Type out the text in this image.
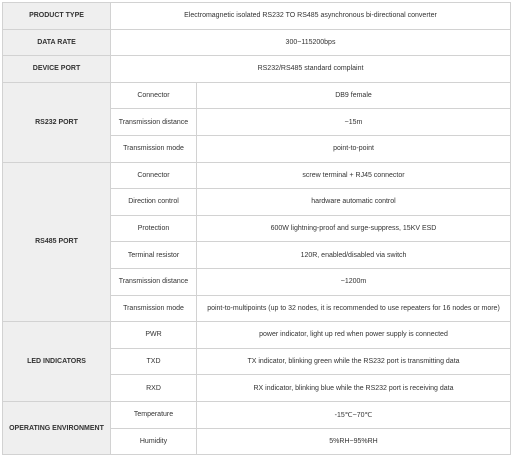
PRODUCT TYPE	Electromagnetic isolated RS232 TO RS485 asynchronous bi-directional converter	
DATA RATE	300~115200bps	
DEVICE PORT	RS232/RS485 standard complaint	
RS232 PORT	Connector	DB9 female
	Transmission distance	~15m
	Transmission mode	point-to-point
RS485 PORT	Connector	screw terminal + RJ45 connector
	Direction control	hardware automatic control
	Protection	600W lightning-proof and surge-suppress, 15KV ESD
	Terminal resistor	120R, enabled/disabled via switch
	Transmission distance	~1200m
	Transmission mode	point-to-multipoints (up to 32 nodes, it is recommended to use repeaters for 16 nodes or more)
LED INDICATORS	PWR	power indicator, light up red when power supply is connected
	TXD	TX indicator, blinking green while the RS232 port is transmitting data
	RXD	RX indicator, blinking blue while the RS232 port is receiving data
OPERATING ENVIRONMENT	Temperature	-15℃~70℃
	Humidity	5%RH~95%RH
